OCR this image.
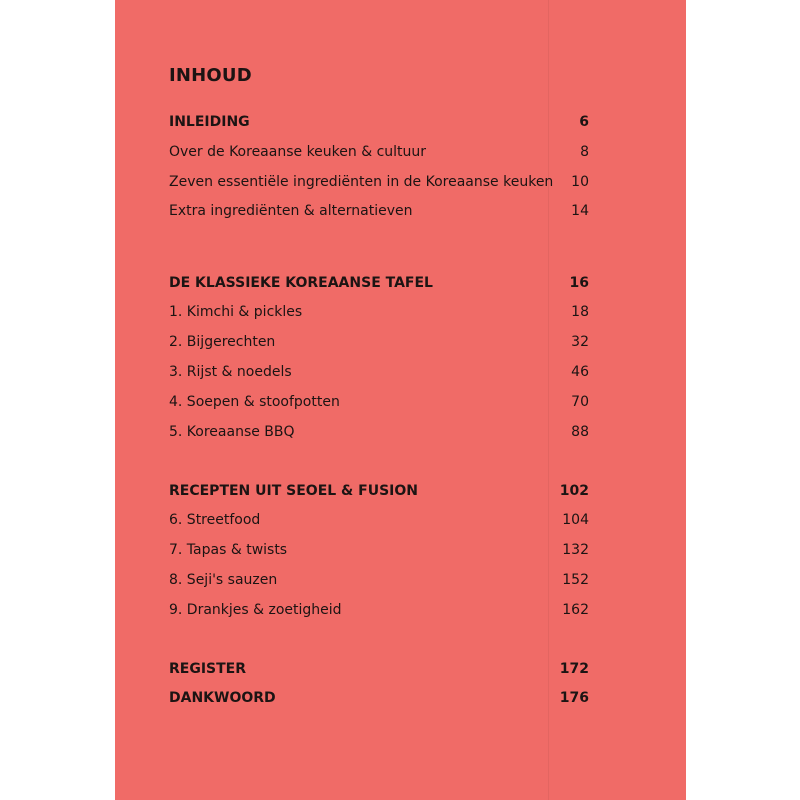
INHOUD
INLEIDING	6
Over de Koreaanse keuken & cultuur	8
Zeven essentiële ingrediënten in de Koreaanse keuken 10
Extra ingrediënten & alternatieven	14
DE KLASSIEKE KOREAANSE TAFEL	16
1. Kimchi & pickles	18
2. Bijgerechten	32
3. Rijst & noedels	46
4. Soepen & stoofpotten	70
5. Koreaanse BBQ	88
RECEPTEN UIT SEOEL & FUSION	102
6. Streetfood	104
7. Tapas & twists	132
8. Seji's sauzen	152
9. Drankjes & zoetigheid	162
REGISTER	172
DANKWOORD	176
